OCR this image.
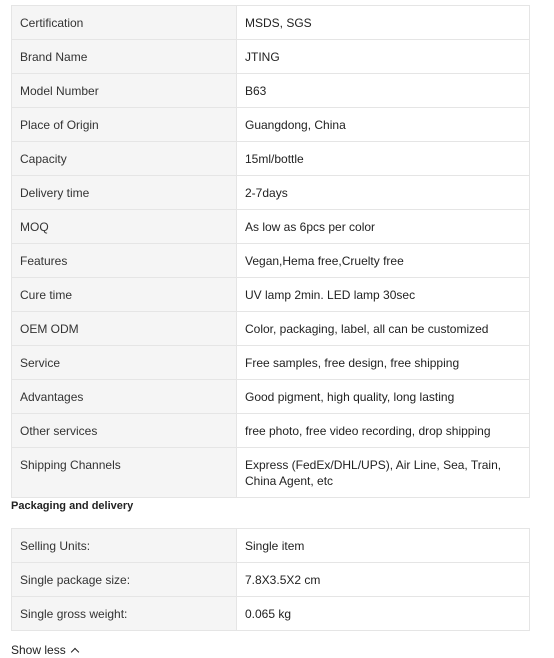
Certification	MSDS, SGS
Brand Name	JTING
Model Number	B63
Place of Origin	Guangdong, China
Capacity	15ml/bottle
Delivery time	2-7days
MOQ	As low as 6pcs per color
Features	Vegan,Hema free,Cruelty free
Cure time	UV lamp 2min. LED lamp 30sec
OEM ODM	Color, packaging, label, all can be customized
Service	Free samples, free design, free shipping
Advantages	Good pigment, high quality, long lasting
Other services	free photo, free video recording, drop shipping
Shipping Channels	Express (FedEx/DHL/UPS), Air Line, Sea, Train, China Agent, etc
Packaging and delivery
Selling Units:	Single item
Single package size:	7.8X3.5X2 cm
Single gross weight:	0.065 kg
Show less
